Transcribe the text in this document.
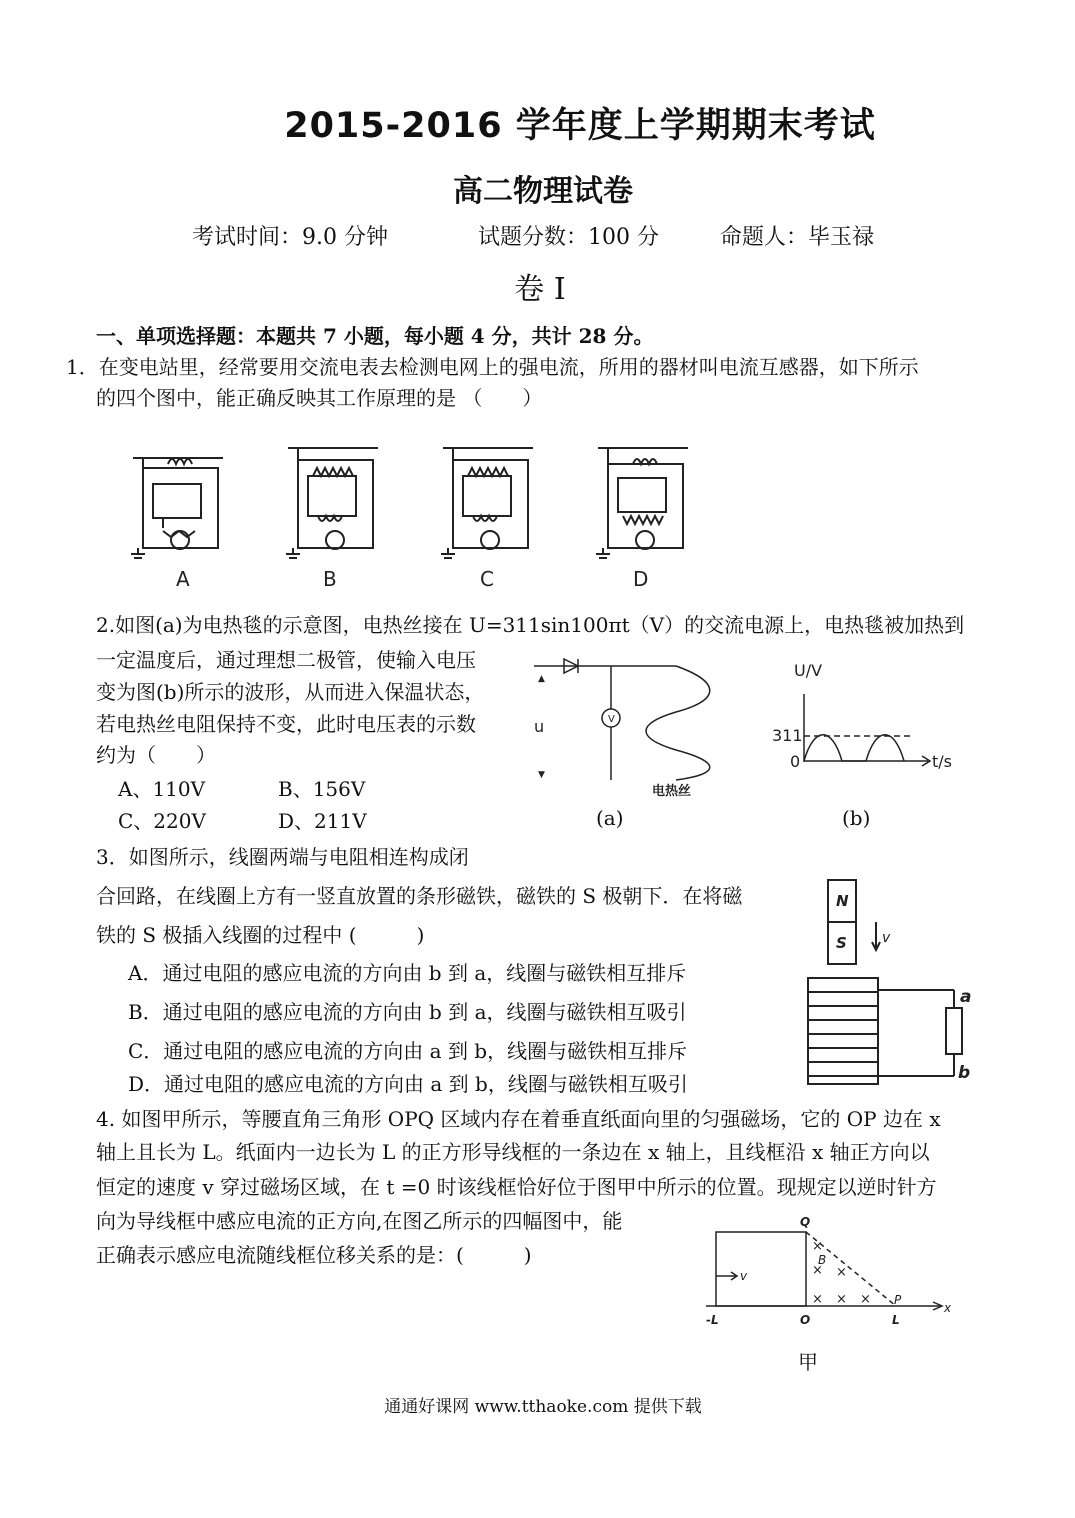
2015-2016 学年度上学期期末考试
高二物理试卷
考试时间：9.0 分钟	试题分数：100 分	命题人：毕玉禄
卷 I
一、单项选择题：本题共 7 小题，每小题 4 分，共计 28 分。
1．在变电站里，经常要用交流电表去检测电网上的强电流，所用的器材叫电流互感器，如下所示
的四个图中，能正确反映其工作原理的是 （　　）
A	B	C	D
2.如图(a)为电热毯的示意图，电热丝接在 U=311sin100πt（V）的交流电源上，电热毯被加热到
一定温度后，通过理想二极管，使输入电压
变为图(b)所示的波形，从而进入保温状态，
若电热丝电阻保持不变，此时电压表的示数
约为（　　）
A、110V	B、156V
C、220V	D、211V
▲
▼
V
u
电热丝
(a)
U/V
311
0	t/s
(b)
3．如图所示，线圈两端与电阻相连构成闭
合回路，在线圈上方有一竖直放置的条形磁铁，磁铁的 S 极朝下．在将磁
铁的 S 极插入线圈的过程中 (　　　)
A．通过电阻的感应电流的方向由 b 到 a，线圈与磁铁相互排斥
B．通过电阻的感应电流的方向由 b 到 a，线圈与磁铁相互吸引
C．通过电阻的感应电流的方向由 a 到 b，线圈与磁铁相互排斥
D．通过电阻的感应电流的方向由 a 到 b，线圈与磁铁相互吸引
N
S	v
a
b
4. 如图甲所示，等腰直角三角形 OPQ 区域内存在着垂直纸面向里的匀强磁场，它的 OP 边在 x
轴上且长为 L。纸面内一边长为 L 的正方形导线框的一条边在 x 轴上，且线框沿 x 轴正方向以
恒定的速度 v 穿过磁场区域，在 t =0 时该线框恰好位于图甲中所示的位置。现规定以逆时针方
向为导线框中感应电流的正方向,在图乙所示的四幅图中，能
正确表示感应电流随线框位移关系的是：(　　　)	×
× ×
× × ×
Q
B
v
P
x
-L	O	L
甲
通通好课网 www.tthaoke.com 提供下载
